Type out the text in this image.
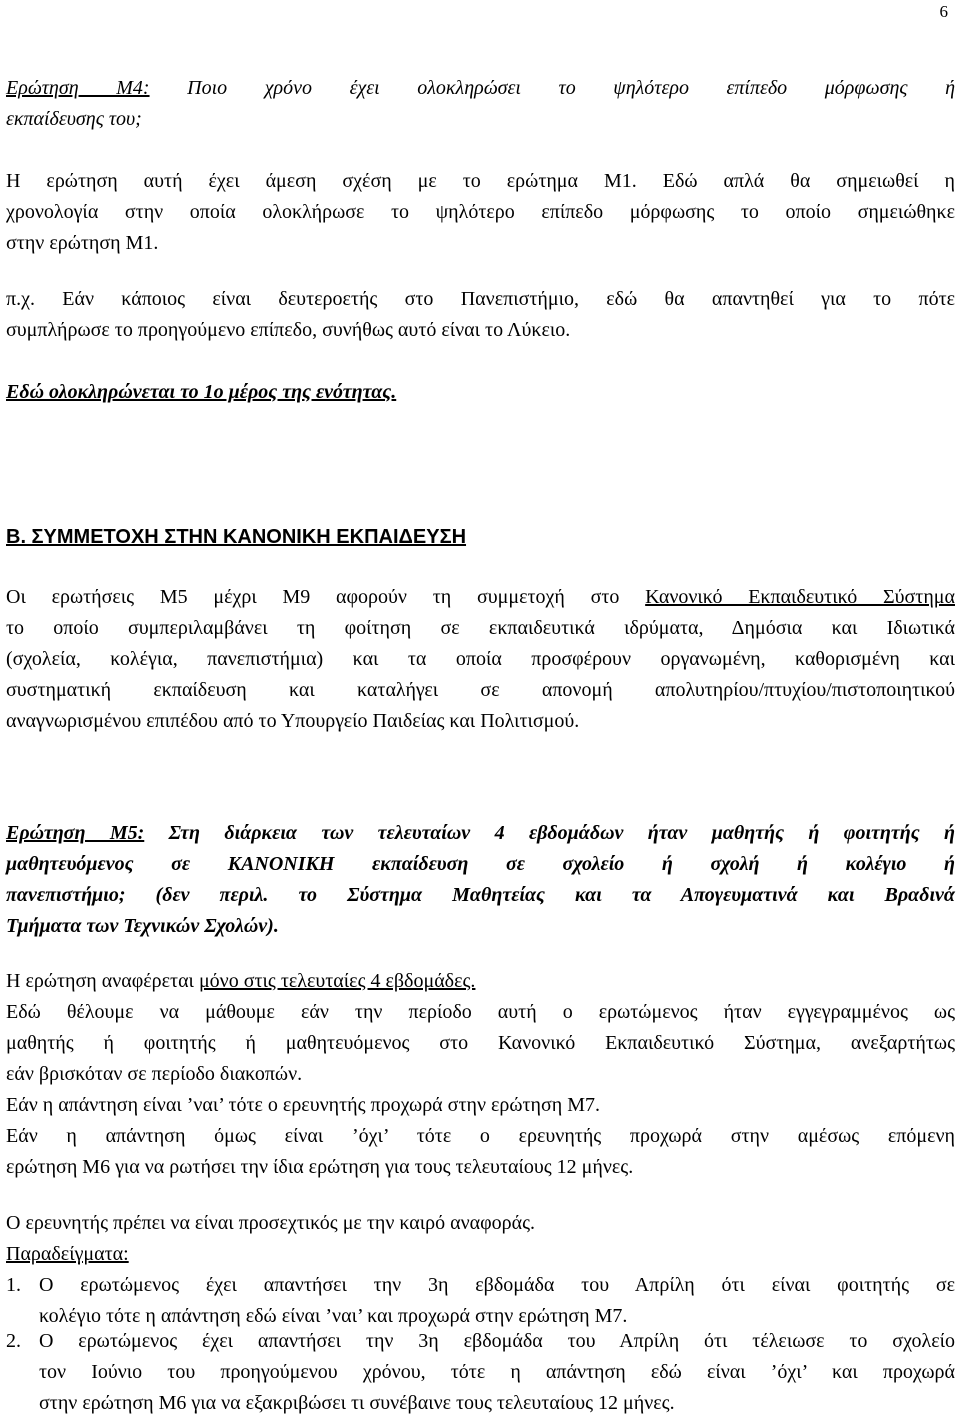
6
Ερώτηση Μ4: Ποιο χρόνο έχει ολοκληρώσει το ψηλότερο επίπεδο μόρφωσης ή
εκπαίδευσης του;
Η ερώτηση αυτή έχει άμεση σχέση με το ερώτημα Μ1. Εδώ απλά θα σημειωθεί η
χρονολογία στην οποία ολοκλήρωσε το ψηλότερο επίπεδο μόρφωσης το οποίο σημειώθηκε
στην ερώτηση Μ1.
π.χ. Εάν κάποιος είναι δευτεροετής στο Πανεπιστήμιο, εδώ θα απαντηθεί για το πότε
συμπλήρωσε το προηγούμενο επίπεδο, συνήθως αυτό είναι το Λύκειο.
Εδώ ολοκληρώνεται το 1ο μέρος της ενότητας.
Β. ΣΥΜΜΕΤΟΧΗ ΣΤΗΝ ΚΑΝΟΝΙΚΗ ΕΚΠΑΙΔΕΥΣΗ
Οι ερωτήσεις Μ5 μέχρι Μ9 αφορούν τη συμμετοχή στο Κανονικό Εκπαιδευτικό Σύστημα
το οποίο συμπεριλαμβάνει τη φοίτηση σε εκπαιδευτικά ιδρύματα, Δημόσια και Ιδιωτικά
(σχολεία, κολέγια, πανεπιστήμια) και τα οποία προσφέρουν οργανωμένη, καθορισμένη και
συστηματική εκπαίδευση και καταλήγει σε απονομή απολυτηρίου/πτυχίου/πιστοποιητικού
αναγνωρισμένου επιπέδου από το Υπουργείο Παιδείας και Πολιτισμού.
Ερώτηση Μ5: Στη διάρκεια των τελευταίων 4 εβδομάδων ήταν μαθητής ή φοιτητής ή
μαθητευόμενος σε ΚΑΝΟΝΙΚΗ εκπαίδευση σε σχολείο ή σχολή ή κολέγιο ή
πανεπιστήμιο; (δεν περιλ. το Σύστημα Μαθητείας και τα Απογευματινά και Βραδινά
Τμήματα των Τεχνικών Σχολών).
Η ερώτηση αναφέρεται μόνο στις τελευταίες 4 εβδομάδες.
Εδώ θέλουμε να μάθουμε εάν την περίοδο αυτή ο ερωτώμενος ήταν εγγεγραμμένος ως
μαθητής ή φοιτητής ή μαθητευόμενος στο Κανονικό Εκπαιδευτικό Σύστημα, ανεξαρτήτως
εάν βρισκόταν σε περίοδο διακοπών.
Εάν η απάντηση είναι ’ναι’ τότε ο ερευνητής προχωρά στην ερώτηση Μ7.
Εάν η απάντηση όμως είναι ’όχι’ τότε ο ερευνητής προχωρά στην αμέσως επόμενη
ερώτηση Μ6 για να ρωτήσει την ίδια ερώτηση για τους τελευταίους 12 μήνες.
Ο ερευνητής πρέπει να είναι προσεχτικός με την καιρό αναφοράς.
Παραδείγματα:
1. Ο ερωτώμενος έχει απαντήσει την 3η εβδομάδα του Απρίλη ότι είναι φοιτητής σε
κολέγιο τότε η απάντηση εδώ είναι ’ναι’ και προχωρά στην ερώτηση Μ7.
2. Ο ερωτώμενος έχει απαντήσει την 3η εβδομάδα του Απρίλη ότι τέλειωσε το σχολείο
τον Ιούνιο του προηγούμενου χρόνου, τότε η απάντηση εδώ είναι ’όχι’ και προχωρά
στην ερώτηση Μ6 για να εξακριβώσει τι συνέβαινε τους τελευταίους 12 μήνες.
